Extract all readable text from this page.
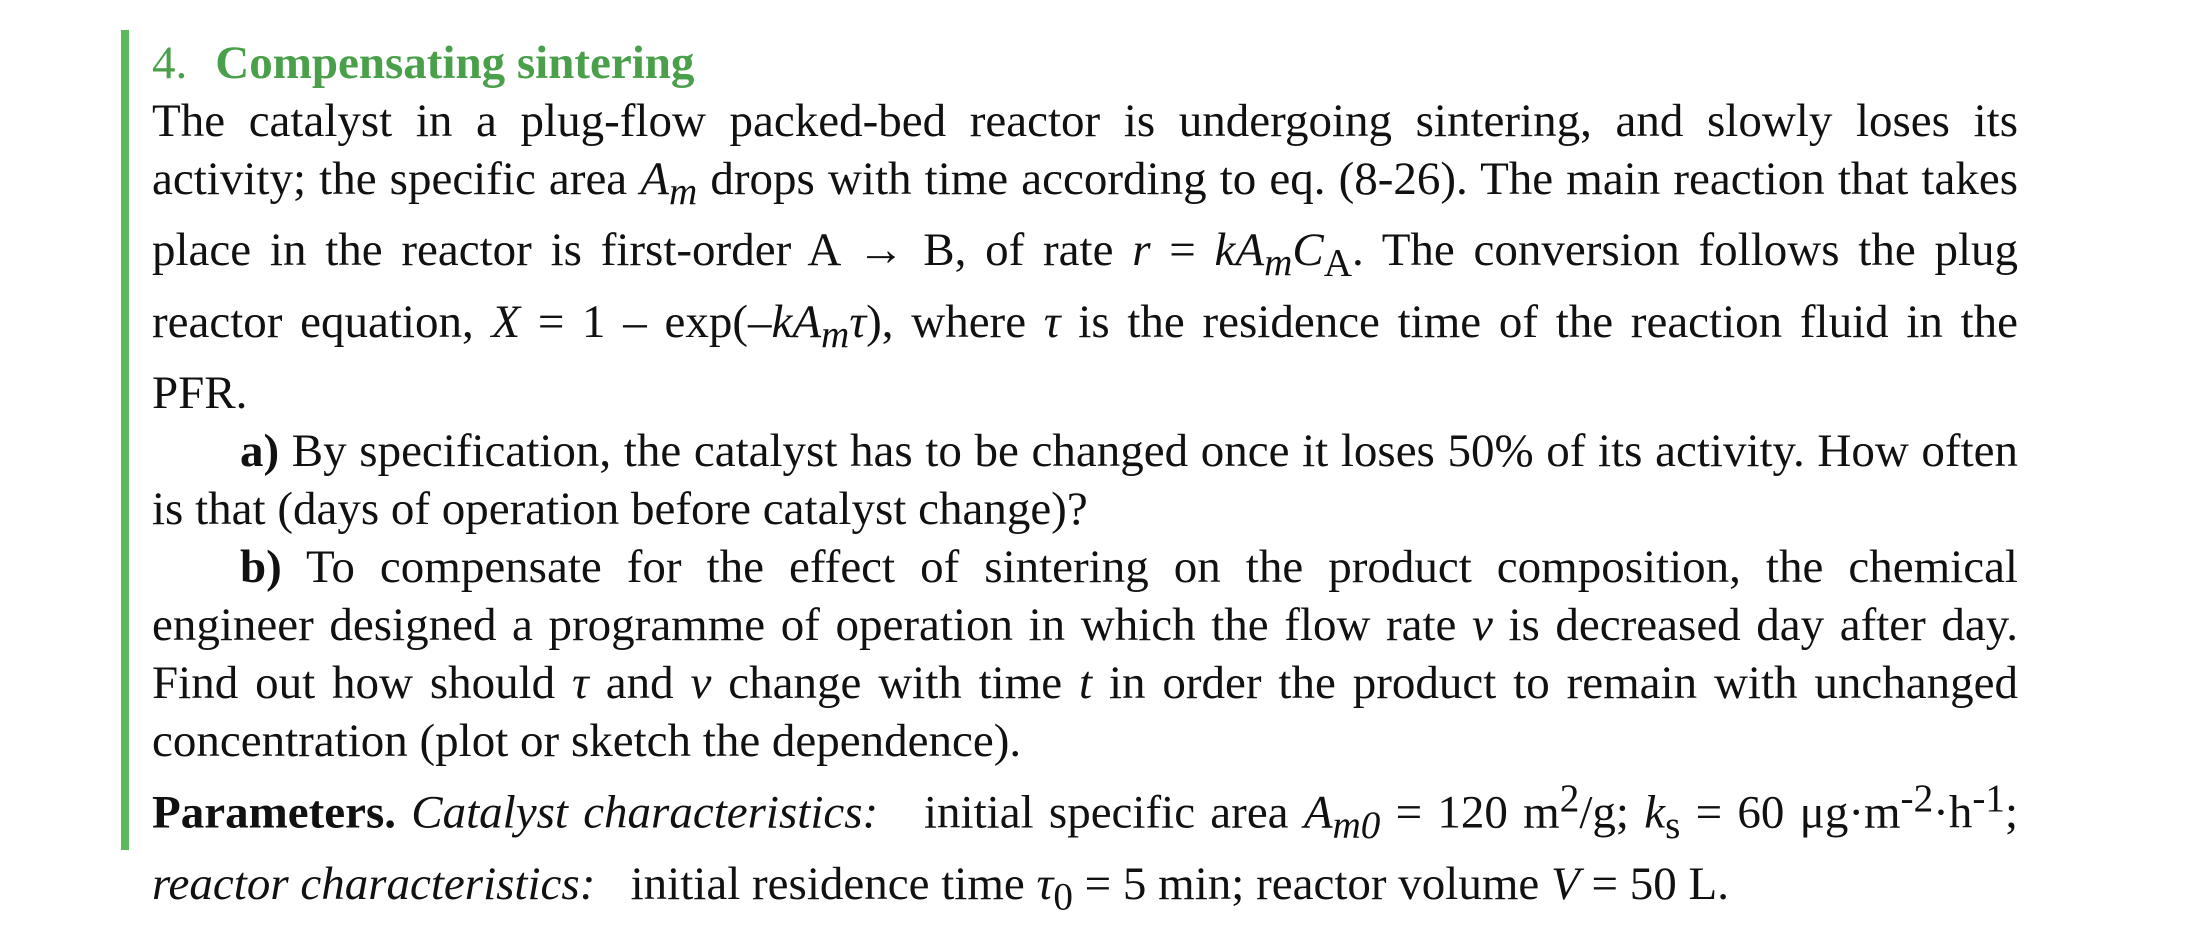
4. Compensating sintering

The catalyst in a plug-flow packed-bed reactor is undergoing sintering, and slowly loses its activity; the specific area $A_m$ drops with time according to eq. (8-26). The main reaction that takes place in the reactor is first-order A → B, of rate $r = kA_mC_A$. The conversion follows the plug reactor equation, $X = 1 - \exp(-kA_m\tau)$, where τ is the residence time of the reaction fluid in the PFR.

a) By specification, the catalyst has to be changed once it loses 50% of its activity. How often is that (days of operation before catalyst change)?

b) To compensate for the effect of sintering on the product composition, the chemical engineer designed a programme of operation in which the flow rate v is decreased day after day. Find out how should τ and v change with time t in order the product to remain with unchanged concentration (plot or sketch the dependence).

Parameters. Catalyst characteristics:   initial specific area $A_{m0} = 120$ $m^2/g$; $k_s = 60$ $\mu g\cdot m^{-2}\cdot h^{-1}$; reactor characteristics:   initial residence time $\tau_0 = 5$ min; reactor volume V = 50 L.
